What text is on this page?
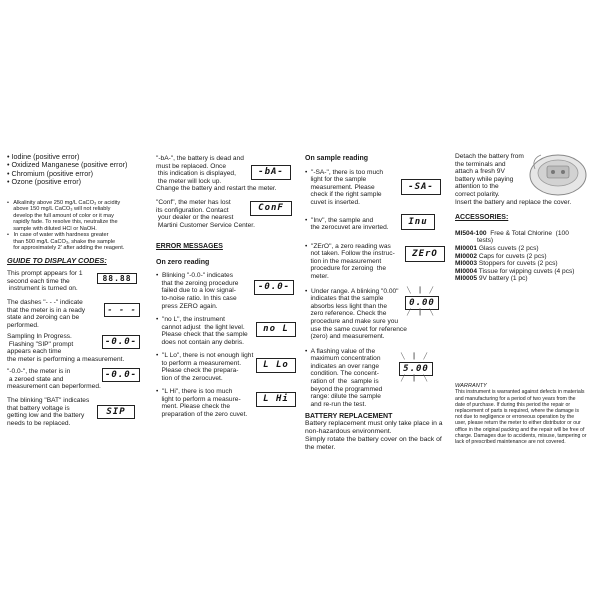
• Iodine (positive error)

• Oxidized Manganese (positive error)

• Chromium (positive error)

• Ozone (positive error)

•   Alkalinity above 250 mg/L CaCO₃ or acidity

above 150 mg/L CaCO₃ will not reliably

develop the full amount of color or it may

rapidly fade. To resolve this, neutralize the

sample with diluted HCl or NaOH.

•   In case of water with hardness greater

than 500 mg/L CaCO₃, shake the sample

for approximately 2' after adding the reagent.

GUIDE TO DISPLAY CODES:

This prompt appears for 1

second each time the

instrument is turned on.

88.88

The dashes "- - -" indicate

that the meter is in a ready

state and zeroing can be

performed.

- - -

Sampling In Progress.

Flashing "SIP" prompt

appears each time

the meter is performing a measurement.

-0.0-

"-0.0-", the meter is in

a zeroed state and

measurement can beperformed.

-0.0-

The blinking "BAT" indicates

that battery voltage is

getting low and the battery

needs to be replaced.

SIP

"-bA-", the battery is dead and

must be replaced. Once

this indication is displayed,

the meter will lock up.

Change the battery and restart the meter.

-bA-

"Conf", the meter has lost

its configuration. Contact

your dealer or the nearest

Martini Customer Service Center.

ConF

ERROR MESSAGES

On zero reading

•  Blinking "-0.0-" indicates

that the zeroing procedure

failed due to a low signal-

to-noise ratio. In this case

press ZERO again.

-0.0-

•  "no L", the instrument

cannot adjust  the light level.

Please check that the sample

does not contain any debris.

no L

•  "L Lo", there is not enough light

to perform a measurement.

Please check the prepara-

tion of the zerocuvet.

L Lo

•  "L Hi", there is too much

light to perform a measure-

ment. Please check the

preparation of the zero cuvet.

L Hi

On sample reading

•  "-SA-", there is too much

light for the sample

measurement. Please

check if the right sample

cuvet is inserted.

-SA-

•  "Inv", the sample and

the zerocuvet are inverted.

Inu

•  "ZErO", a zero reading was

not taken. Follow the instruc-

tion in the measurement

procedure for zeroing  the

meter.

ZErO

•  Under range. A blinking "0.00"

indicates that the sample

absorbs less light than the

zero reference. Check the

procedure and make sure you

use the same cuvet for reference

(zero) and measurement.

╲ ┃ ╱
0.00
╱ ┃ ╲

•  A flashing value of the

maximum concentration

indicates an over range

condition. The concent-

ration of  the  sample is

beyond the programmed

range: dilute the sample

and re-run the test.

╲ ┃ ╱
5.00
╱ ┃ ╲

BATTERY REPLACEMENT

Battery replacement must only take place in a

non-hazardous environment.

Simply rotate the battery cover on the back of

the meter.

Detach the battery from

the terminals and

attach a fresh 9V

battery while paying

attention to the

correct polarity.

Insert the battery and replace the cover.

ACCESSORIES:

MI504-100  Free & Total Chlorine  (100

tests)

MI0001 Glass cuvets (2 pcs)

MI0002 Caps for cuvets (2 pcs)

MI0003 Stoppers for cuvets (2 pcs)

MI0004 Tissue for wipping cuvets (4 pcs)

MI0005 9V battery (1 pc)

WARRANTY

This instrument is warranted against defects in materials

and manufacturing for a period of two years from the

date of purchase. If during this period the repair or

replacement of parts is required, where the damage is

not due to negligence or erroneous operation by the

user, please return the meter to either distributor or our

office in the original packing and the repair will be free of

charge. Damages due to accidents, misuse, tampering or

lack of prescribed maintenance are not covered.
